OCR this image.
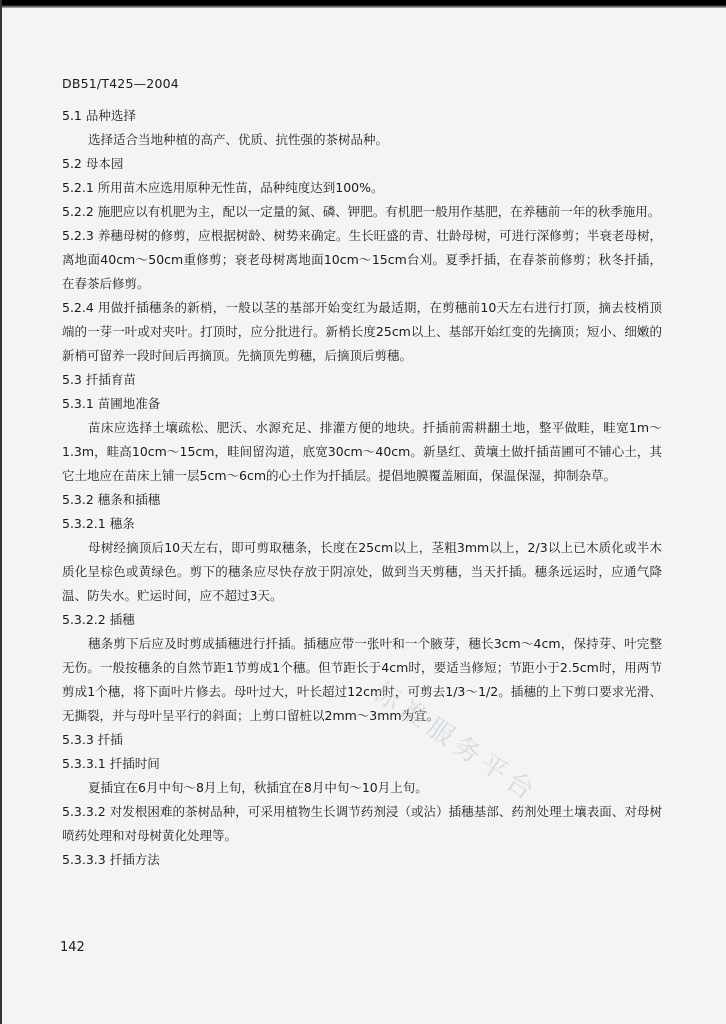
DB51/T425—2004
5.1 品种选择
选择适合当地种植的高产、优质、抗性强的茶树品种。
5.2 母本园
5.2.1 所用苗木应选用原种无性苗，品种纯度达到100%。
5.2.2 施肥应以有机肥为主，配以一定量的氮、磷、钾肥。有机肥一般用作基肥，在养穗前一年的秋季施用。
5.2.3 养穗母树的修剪，应根据树龄、树势来确定。生长旺盛的青、壮龄母树，可进行深修剪；半衰老母树，离地面40cm～50cm重修剪；衰老母树离地面10cm～15cm台刈。夏季扦插，在春茶前修剪；秋冬扦插，在春茶后修剪。
5.2.4 用做扦插穗条的新梢，一般以茎的基部开始变红为最适期，在剪穗前10天左右进行打顶，摘去枝梢顶端的一芽一叶或对夹叶。打顶时，应分批进行。新梢长度25cm以上、基部开始红变的先摘顶；短小、细嫩的新梢可留养一段时间后再摘顶。先摘顶先剪穗，后摘顶后剪穗。
5.3 扦插育苗
5.3.1 苗圃地准备
苗床应选择土壤疏松、肥沃、水源充足、排灌方便的地块。扦插前需耕翻土地，整平做畦，畦宽1m～1.3m，畦高10cm～15cm，畦间留沟道，底宽30cm～40cm。新垦红、黄壤土做扦插苗圃可不铺心土，其它土地应在苗床上铺一层5cm～6cm的心土作为扦插层。提倡地膜覆盖厢面，保温保湿，抑制杂草。
5.3.2 穗条和插穗
5.3.2.1 穗条
母树经摘顶后10天左右，即可剪取穗条，长度在25cm以上，茎粗3mm以上，2/3以上已木质化或半木质化呈棕色或黄绿色。剪下的穗条应尽快存放于阴凉处，做到当天剪穗，当天扦插。穗条远运时，应通气降温、防失水。贮运时间，应不超过3天。
5.3.2.2 插穗
穗条剪下后应及时剪成插穗进行扦插。插穗应带一张叶和一个腋芽，穗长3cm～4cm，保持芽、叶完整无伤。一般按穗条的自然节距1节剪成1个穗。但节距长于4cm时，要适当修短；节距小于2.5cm时，用两节剪成1个穗，将下面叶片修去。母叶过大，叶长超过12cm时，可剪去1/3～1/2。插穗的上下剪口要求光滑、无撕裂，并与母叶呈平行的斜面；上剪口留桩以2mm～3mm为宜。
5.3.3 扦插
5.3.3.1 扦插时间
夏插宜在6月中旬～8月上旬，秋插宜在8月中旬～10月上旬。
5.3.3.2 对发根困难的茶树品种，可采用植物生长调节药剂浸（或沾）插穗基部、药剂处理土壤表面、对母树喷药处理和对母树黄化处理等。
5.3.3.3 扦插方法
标准服务平台
142
